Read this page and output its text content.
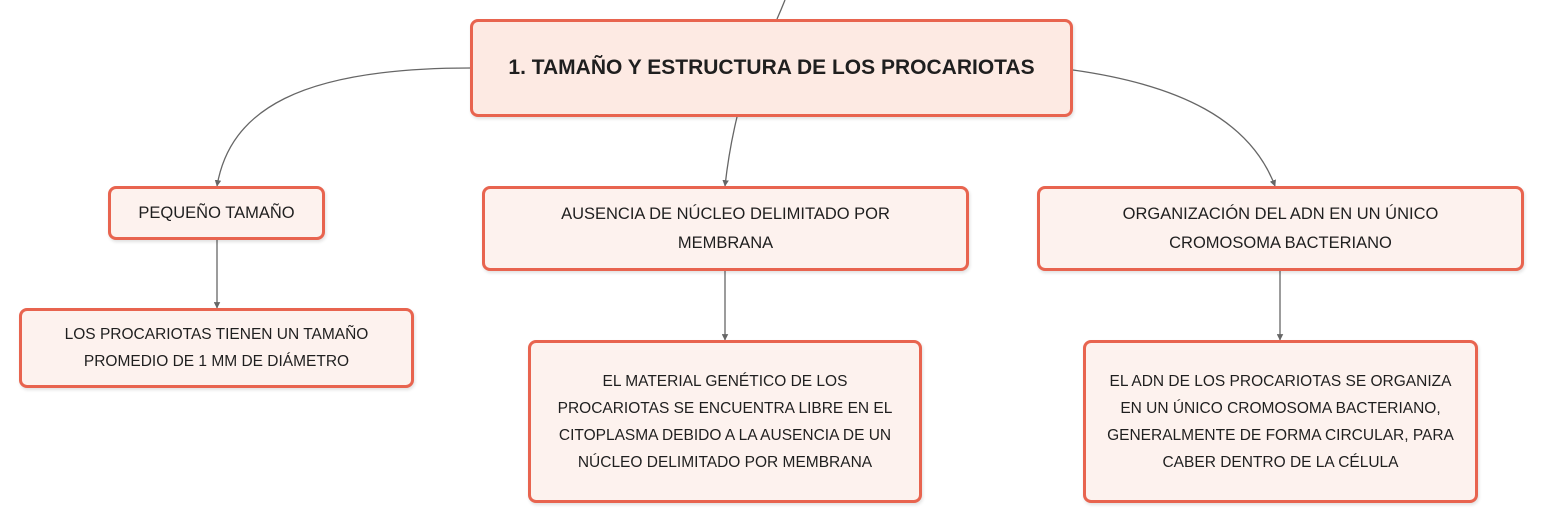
1. TAMAÑO Y ESTRUCTURA DE LOS PROCARIOTAS
PEQUEÑO TAMAÑO	AUSENCIA DE NÚCLEO DELIMITADO POR MEMBRANA
ORGANIZACIÓN DEL ADN EN UN ÚNICO CROMOSOMA BACTERIANO
LOS PROCARIOTAS TIENEN UN TAMAÑO PROMEDIO DE 1 ΜM DE DIÁMETRO
EL MATERIAL GENÉTICO DE LOS PROCARIOTAS SE ENCUENTRA LIBRE EN EL CITOPLASMA DEBIDO A LA AUSENCIA DE UN NÚCLEO DELIMITADO POR MEMBRANA
EL ADN DE LOS PROCARIOTAS SE ORGANIZA EN UN ÚNICO CROMOSOMA BACTERIANO, GENERALMENTE DE FORMA CIRCULAR, PARA CABER DENTRO DE LA CÉLULA
